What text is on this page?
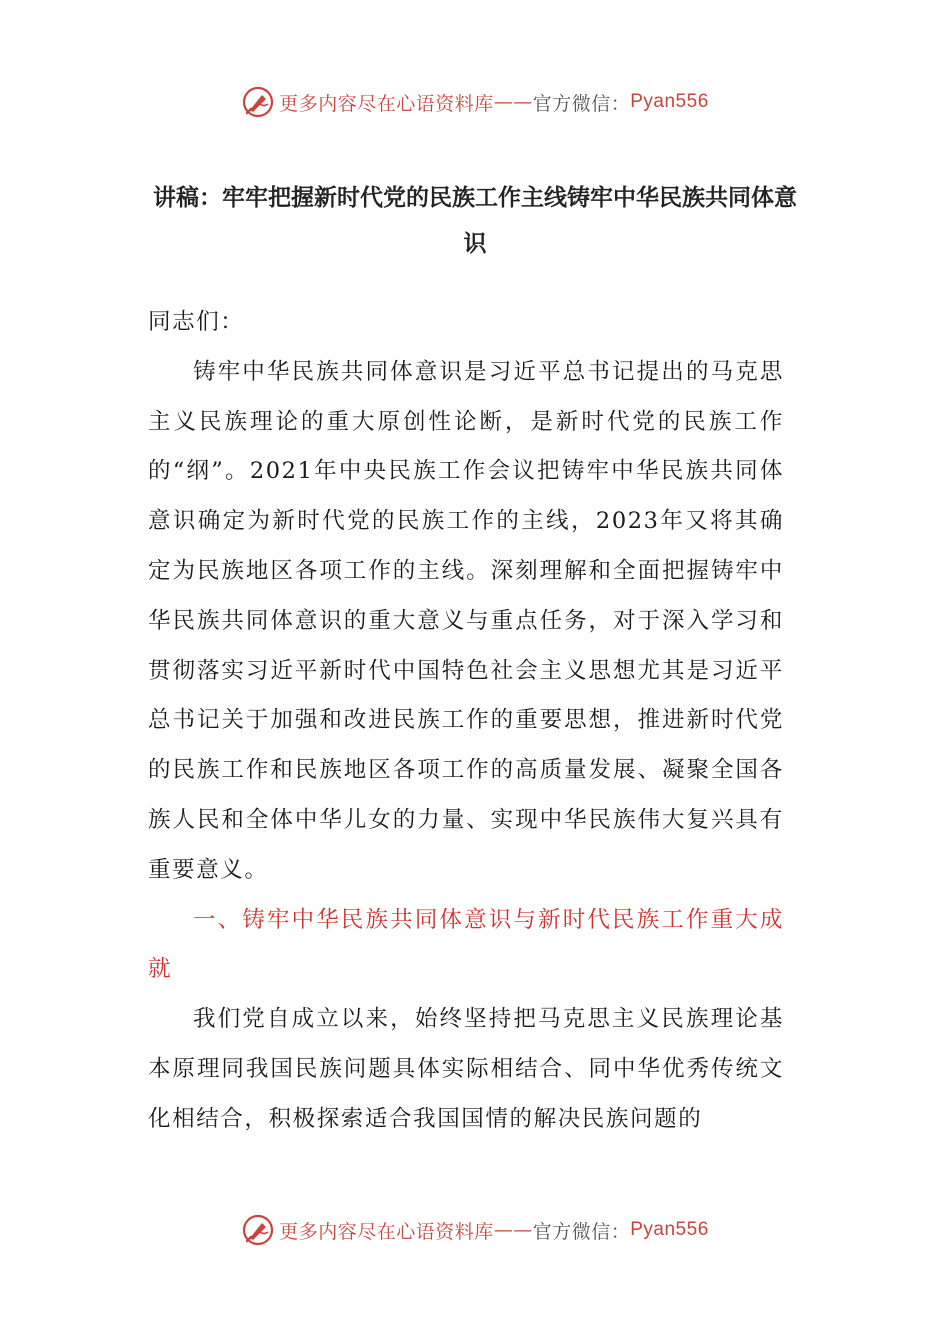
更多内容尽在心语资料库 —— 官方微信： Pyan556
讲稿：牢牢把握新时代党的民族工作主线铸牢中华民族共同体意识

同志们：

铸牢中华民族共同体意识是习近平总书记提出的马克思主义民族理论的重大原创性论断，是新时代党的民族工作的“纲”。2021年中央民族工作会议把铸牢中华民族共同体意识确定为新时代党的民族工作的主线，2023年又将其确定为民族地区各项工作的主线。深刻理解和全面把握铸牢中华民族共同体意识的重大意义与重点任务，对于深入学习和贯彻落实习近平新时代中国特色社会主义思想尤其是习近平总书记关于加强和改进民族工作的重要思想，推进新时代党的民族工作和民族地区各项工作的高质量发展、凝聚全国各族人民和全体中华儿女的力量、实现中华民族伟大复兴具有重要意义。

一、铸牢中华民族共同体意识与新时代民族工作重大成就

我们党自成立以来，始终坚持把马克思主义民族理论基本原理同我国民族问题具体实际相结合、同中华优秀传统文化相结合，积极探索适合我国国情的解决民族问题的

更多内容尽在心语资料库 —— 官方微信： Pyan556
